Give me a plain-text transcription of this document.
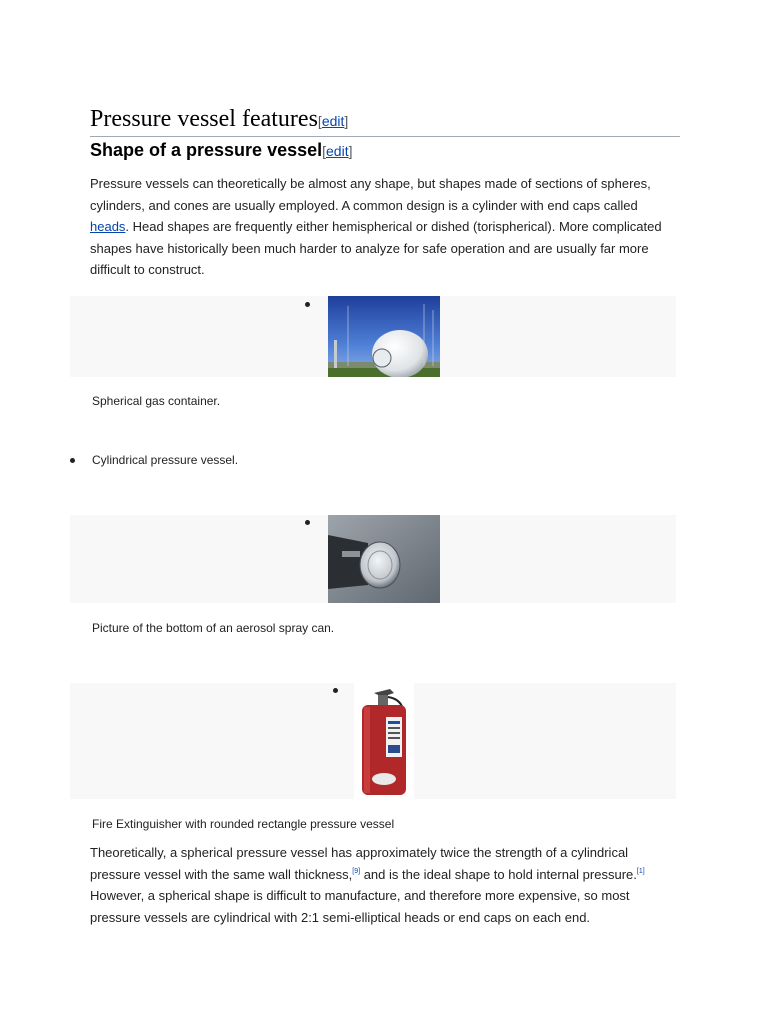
Pressure vessel features[edit]
Shape of a pressure vessel[edit]
Pressure vessels can theoretically be almost any shape, but shapes made of sections of spheres, cylinders, and cones are usually employed. A common design is a cylinder with end caps called heads. Head shapes are frequently either hemispherical or dished (torispherical). More complicated shapes have historically been much harder to analyze for safe operation and are usually far more difficult to construct.
Spherical gas container.
Cylindrical pressure vessel.
Picture of the bottom of an aerosol spray can.
Fire Extinguisher with rounded rectangle pressure vessel
Theoretically, a spherical pressure vessel has approximately twice the strength of a cylindrical pressure vessel with the same wall thickness,[9] and is the ideal shape to hold internal pressure.[1] However, a spherical shape is difficult to manufacture, and therefore more expensive, so most pressure vessels are cylindrical with 2:1 semi-elliptical heads or end caps on each end.
